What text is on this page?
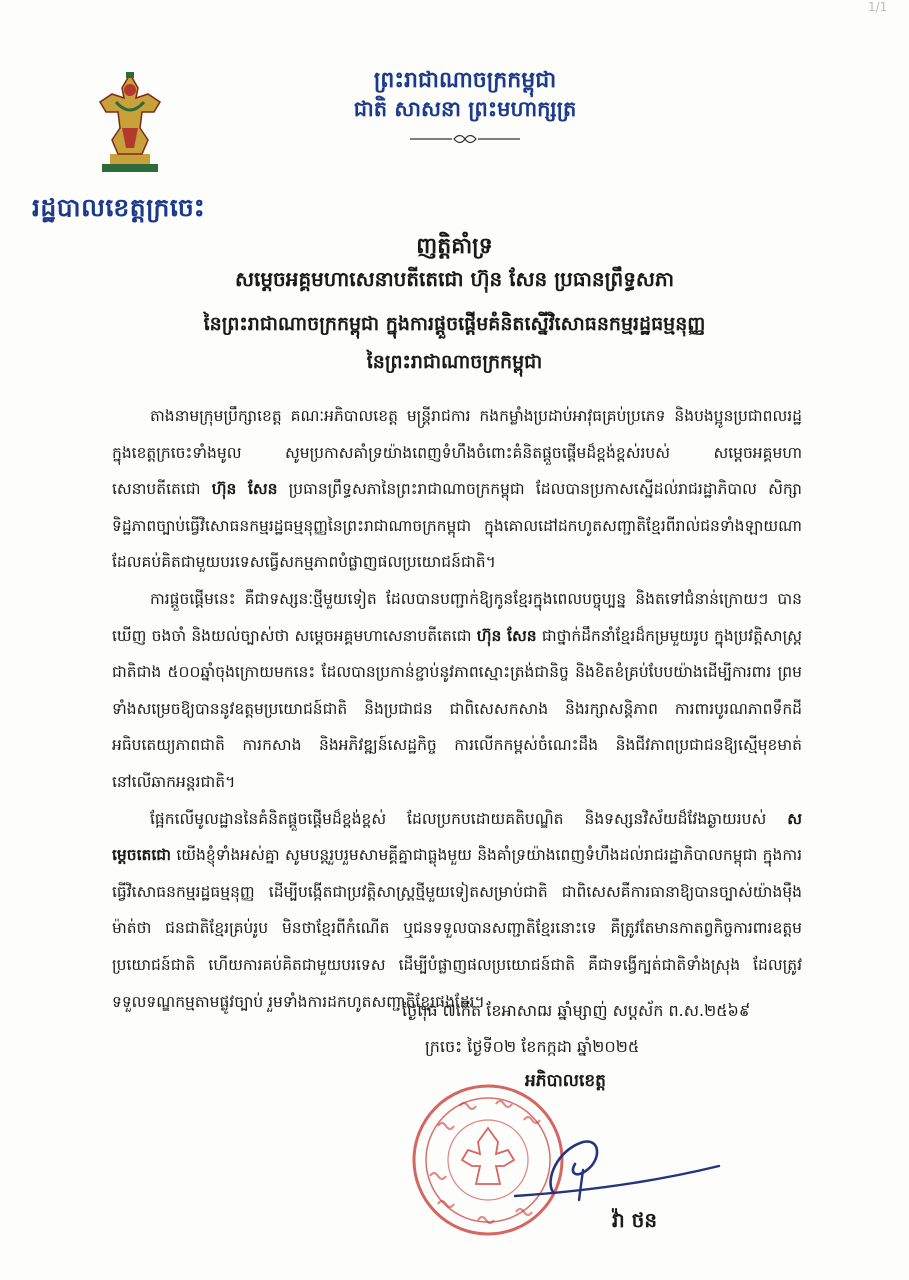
1/1
រដ្ឋបាលខេត្តក្រចេះ
ព្រះរាជាណាចក្រកម្ពុជា
ជាតិ សាសនា ព្រះមហាក្សត្រ
ញត្តិគាំទ្រ
សម្តេចអគ្គមហាសេនាបតីតេជោ ហ៊ុន សែន ប្រធានព្រឹទ្ធសភា
នៃព្រះរាជាណាចក្រកម្ពុជា ក្នុងការផ្តួចផ្តើមគំនិតស្នើវិសោធនកម្មរដ្ឋធម្មនុញ្ញ
នៃព្រះរាជាណាចក្រកម្ពុជា

តាងនាមក្រុមប្រឹក្សាខេត្ត គណៈអភិបាលខេត្ត មន្ត្រីរាជការ កងកម្លាំងប្រដាប់អាវុធគ្រប់ប្រភេទ និងបងប្អូនប្រជាពលរដ្ឋក្នុងខេត្តក្រចេះទាំងមូល សូមប្រកាសគាំទ្រយ៉ាងពេញទំហឹងចំពោះគំនិតផ្តួចផ្តើមដ៏ខ្ពង់ខ្ពស់របស់ សម្តេចអគ្គមហាសេនាបតីតេជោ ហ៊ុន សែន ប្រធានព្រឹទ្ធសភានៃព្រះរាជាណាចក្រកម្ពុជា ដែលបានប្រកាសស្នើដល់រាជរដ្ឋាភិបាល សិក្សាទិដ្ឋភាពច្បាប់ធ្វើវិសោធនកម្មរដ្ឋធម្មនុញ្ញនៃព្រះរាជាណាចក្រកម្ពុជា ក្នុងគោលដៅដកហូតសញ្ជាតិខ្មែរពីរាល់ជនទាំងឡាយណា ដែលគប់គិតជាមួយបរទេសធ្វើសកម្មភាពបំផ្លាញផលប្រយោជន៍ជាតិ។

ការផ្តួចផ្តើមនេះ គឺជាទស្សនៈថ្មីមួយទៀត ដែលបានបញ្ជាក់ឱ្យកូនខ្មែរក្នុងពេលបច្ចុប្បន្ន និងតទៅជំនាន់ក្រោយៗ បានឃើញ ចងចាំ និងយល់ច្បាស់ថា សម្តេចអគ្គមហាសេនាបតីតេជោ ហ៊ុន សែន ជាថ្នាក់ដឹកនាំខ្មែរដ៏កម្រមួយរូប ក្នុងប្រវត្តិសាស្ត្រជាតិជាង ៥០០ឆ្នាំចុងក្រោយមកនេះ ដែលបានប្រកាន់ខ្ជាប់នូវភាពស្មោះត្រង់ជានិច្ច និងខិតខំគ្រប់បែបយ៉ាងដើម្បីការពារ ព្រមទាំងសម្រេចឱ្យបាននូវឧត្តមប្រយោជន៍ជាតិ និងប្រជាជន ជាពិសេសកសាង និងរក្សាសន្តិភាព ការពារបូរណភាពទឹកដី អធិបតេយ្យភាពជាតិ ការកសាង និងអភិវឌ្ឍន៍សេដ្ឋកិច្ច ការលើកកម្ពស់ចំណេះដឹង និងជីវភាពប្រជាជនឱ្យស្មើមុខមាត់នៅលើឆាកអន្តរជាតិ។

ផ្អែកលើមូលដ្ឋាននៃគំនិតផ្តួចផ្តើមដ៏ខ្ពង់ខ្ពស់ ដែលប្រកបដោយគតិបណ្ឌិត និងទស្សនវិស័យដ៏វែងឆ្ងាយរបស់ សម្តេចតេជោ យើងខ្ញុំទាំងអស់គ្នា សូមបន្តរួបរួមសាមគ្គីគ្នាជាធ្លុងមួយ និងគាំទ្រយ៉ាងពេញទំហឹងដល់រាជរដ្ឋាភិបាលកម្ពុជា ក្នុងការធ្វើវិសោធនកម្មរដ្ឋធម្មនុញ្ញ ដើម្បីបង្កើតជាប្រវត្តិសាស្ត្រថ្មីមួយទៀតសម្រាប់ជាតិ ជាពិសេសគឺការធានាឱ្យបានច្បាស់យ៉ាងម៉ឺងម៉ាត់ថា ជនជាតិខ្មែរគ្រប់រូប មិនថាខ្មែរពីកំណើត ឬជនទទួលបានសញ្ជាតិខ្មែរនោះទេ គឺត្រូវតែមានកាតព្វកិច្ចការពារឧត្តមប្រយោជន៍ជាតិ ហើយការគប់គិតជាមួយបរទេស ដើម្បីបំផ្លាញផលប្រយោជន៍ជាតិ គឺជាទង្វើក្បត់ជាតិទាំងស្រុង ដែលត្រូវទទួលទណ្ឌកម្មតាមផ្លូវច្បាប់ រួមទាំងការដកហូតសញ្ជាតិខ្មែរផងដែរ។

ថ្ងៃពុធ ៧កើត ខែអាសាឍ ឆ្នាំម្សាញ់ សប្តស័ក ព.ស.២៥៦៩
ក្រចេះ ថ្ងៃទី០២ ខែកក្កដា ឆ្នាំ២០២៥
អភិបាលខេត្ត
វ៉ា ថន
